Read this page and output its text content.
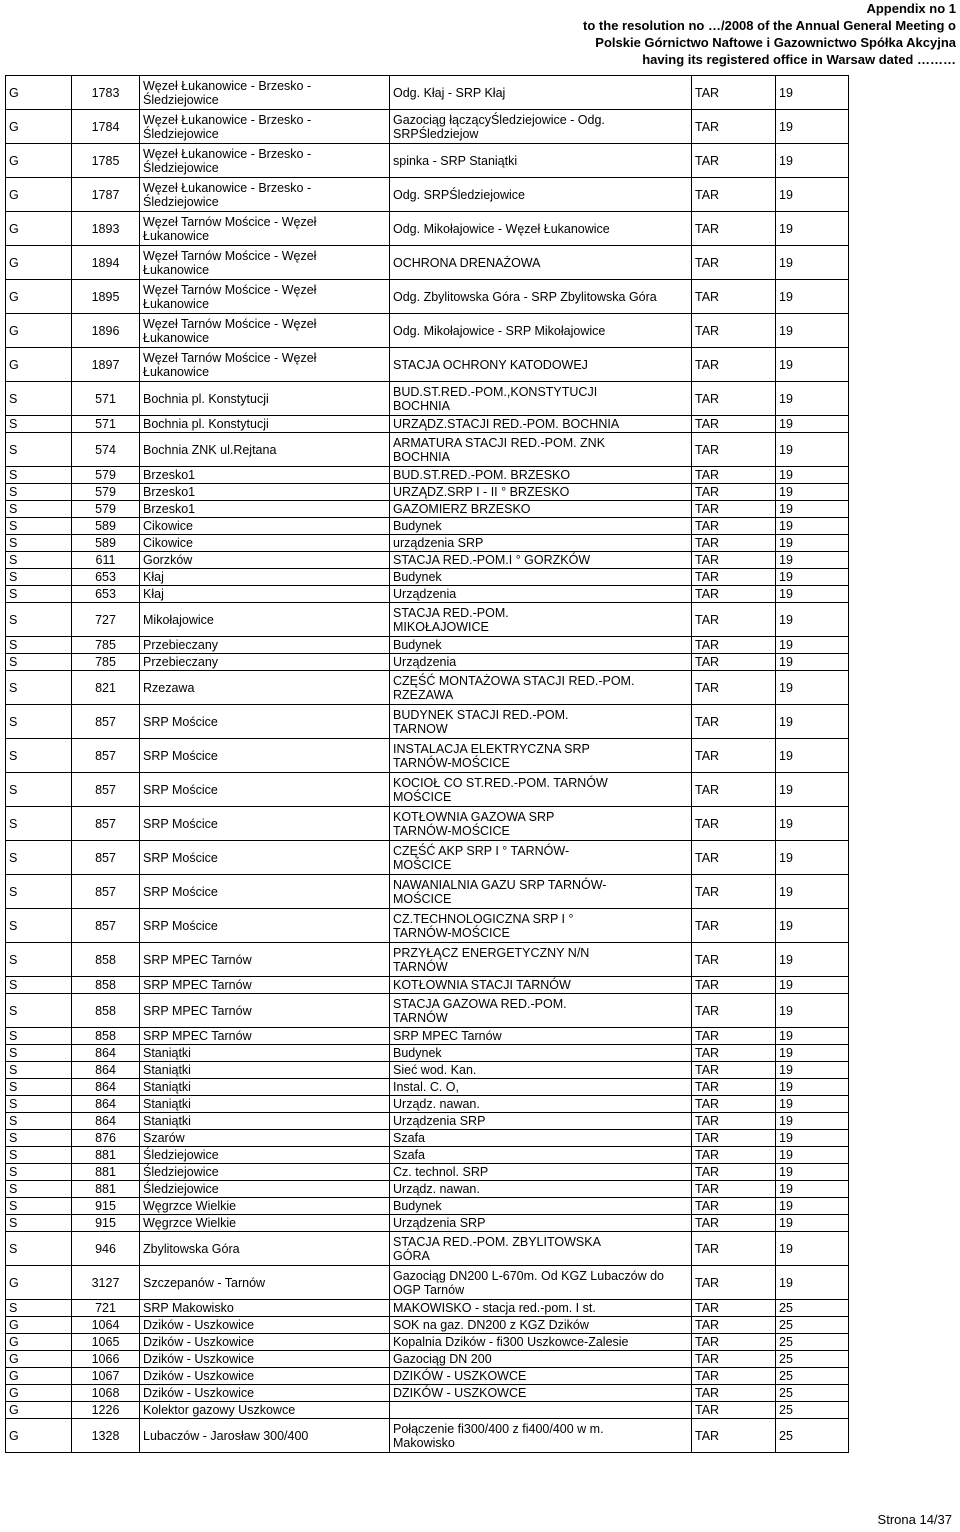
Appendix no 1
to the resolution no …/2008 of the Annual General Meeting o
Polskie Górnictwo Naftowe i Gazownictwo Spółka Akcyjna
having its registered office in Warsaw dated ………
G	1783	Węzeł Łukanowice - Brzesko -
Śledziejowice	Odg. Kłaj - SRP Kłaj	TAR	19
G	1784	Węzeł Łukanowice - Brzesko -
Śledziejowice	Gazociąg łączącyŚledziejowice - Odg.
SRPŚledziejow	TAR	19
G	1785	Węzeł Łukanowice - Brzesko -
Śledziejowice	spinka - SRP Staniątki	TAR	19
G	1787	Węzeł Łukanowice - Brzesko -
Śledziejowice	Odg. SRPŚledziejowice	TAR	19
G	1893	Węzeł Tarnów Mościce - Węzeł
Łukanowice	Odg. Mikołajowice - Węzeł Łukanowice	TAR	19
G	1894	Węzeł Tarnów Mościce - Węzeł
Łukanowice	OCHRONA DRENAŻOWA	TAR	19
G	1895	Węzeł Tarnów Mościce - Węzeł
Łukanowice	Odg. Zbylitowska Góra - SRP Zbylitowska Góra	TAR	19
G	1896	Węzeł Tarnów Mościce - Węzeł
Łukanowice	Odg. Mikołajowice - SRP Mikołajowice	TAR	19
G	1897	Węzeł Tarnów Mościce - Węzeł
Łukanowice	STACJA OCHRONY KATODOWEJ	TAR	19
S	571	Bochnia pl. Konstytucji	BUD.ST.RED.-POM.,KONSTYTUCJI
BOCHNIA	TAR	19
S	571	Bochnia pl. Konstytucji	URZĄDZ.STACJI RED.-POM. BOCHNIA	TAR	19
S	574	Bochnia ZNK ul.Rejtana	ARMATURA STACJI RED.-POM. ZNK
BOCHNIA	TAR	19
S	579	Brzesko1	BUD.ST.RED.-POM. BRZESKO	TAR	19
S	579	Brzesko1	URZĄDZ.SRP I - II ° BRZESKO	TAR	19
S	579	Brzesko1	GAZOMIERZ BRZESKO	TAR	19
S	589	Cikowice	Budynek	TAR	19
S	589	Cikowice	urządzenia SRP	TAR	19
S	611	Gorzków	STACJA RED.-POM.I ° GORZKÓW	TAR	19
S	653	Kłaj	Budynek	TAR	19
S	653	Kłaj	Urządzenia	TAR	19
S	727	Mikołajowice	STACJA RED.-POM.
MIKOŁAJOWICE	TAR	19
S	785	Przebieczany	Budynek	TAR	19
S	785	Przebieczany	Urządzenia	TAR	19
S	821	Rzezawa	CZĘŚĆ MONTAŻOWA STACJI RED.-POM.
RZEZAWA	TAR	19
S	857	SRP Mościce	BUDYNEK STACJI RED.-POM.
TARNOW	TAR	19
S	857	SRP Mościce	INSTALACJA ELEKTRYCZNA SRP
TARNÓW-MOŚCICE	TAR	19
S	857	SRP Mościce	KOCIOŁ CO ST.RED.-POM. TARNÓW
MOŚCICE	TAR	19
S	857	SRP Mościce	KOTŁOWNIA GAZOWA SRP
TARNÓW-MOŚCICE	TAR	19
S	857	SRP Mościce	CZĘŚĆ AKP SRP I ° TARNÓW-
MOŚCICE	TAR	19
S	857	SRP Mościce	NAWANIALNIA GAZU SRP TARNÓW-
MOŚCICE	TAR	19
S	857	SRP Mościce	CZ.TECHNOLOGICZNA SRP I °
TARNÓW-MOŚCICE	TAR	19
S	858	SRP MPEC Tarnów	PRZYŁĄCZ ENERGETYCZNY N/N
TARNÓW	TAR	19
S	858	SRP MPEC Tarnów	KOTŁOWNIA STACJI TARNÓW	TAR	19
S	858	SRP MPEC Tarnów	STACJA GAZOWA RED.-POM.
TARNÓW	TAR	19
S	858	SRP MPEC Tarnów	SRP MPEC Tarnów	TAR	19
S	864	Staniątki	Budynek	TAR	19
S	864	Staniątki	Sieć wod. Kan.	TAR	19
S	864	Staniątki	Instal. C. O,	TAR	19
S	864	Staniątki	Urządz. nawan.	TAR	19
S	864	Staniątki	Urządzenia SRP	TAR	19
S	876	Szarów	Szafa	TAR	19
S	881	Śledziejowice	Szafa	TAR	19
S	881	Śledziejowice	Cz. technol. SRP	TAR	19
S	881	Śledziejowice	Urządz. nawan.	TAR	19
S	915	Węgrzce Wielkie	Budynek	TAR	19
S	915	Węgrzce Wielkie	Urządzenia SRP	TAR	19
S	946	Zbylitowska Góra	STACJA RED.-POM. ZBYLITOWSKA
GÓRA	TAR	19
G	3127	Szczepanów - Tarnów	Gazociąg DN200 L-670m. Od KGZ Lubaczów do
OGP Tarnów	TAR	19
S	721	SRP Makowisko	MAKOWISKO - stacja red.-pom. I st.	TAR	25
G	1064	Dzików - Uszkowice	SOK na gaz. DN200 z KGZ Dzików	TAR	25
G	1065	Dzików - Uszkowice	Kopalnia Dzików - fi300 Uszkowce-Zalesie	TAR	25
G	1066	Dzików - Uszkowice	Gazociąg DN 200	TAR	25
G	1067	Dzików - Uszkowice	DZIKÓW - USZKOWCE	TAR	25
G	1068	Dzików - Uszkowice	DZIKÓW - USZKOWCE	TAR	25
G	1226	Kolektor gazowy Uszkowce		TAR	25
G	1328	Lubaczów - Jarosław 300/400	Połączenie fi300/400 z fi400/400 w m.
Makowisko	TAR	25
Strona 14/37
